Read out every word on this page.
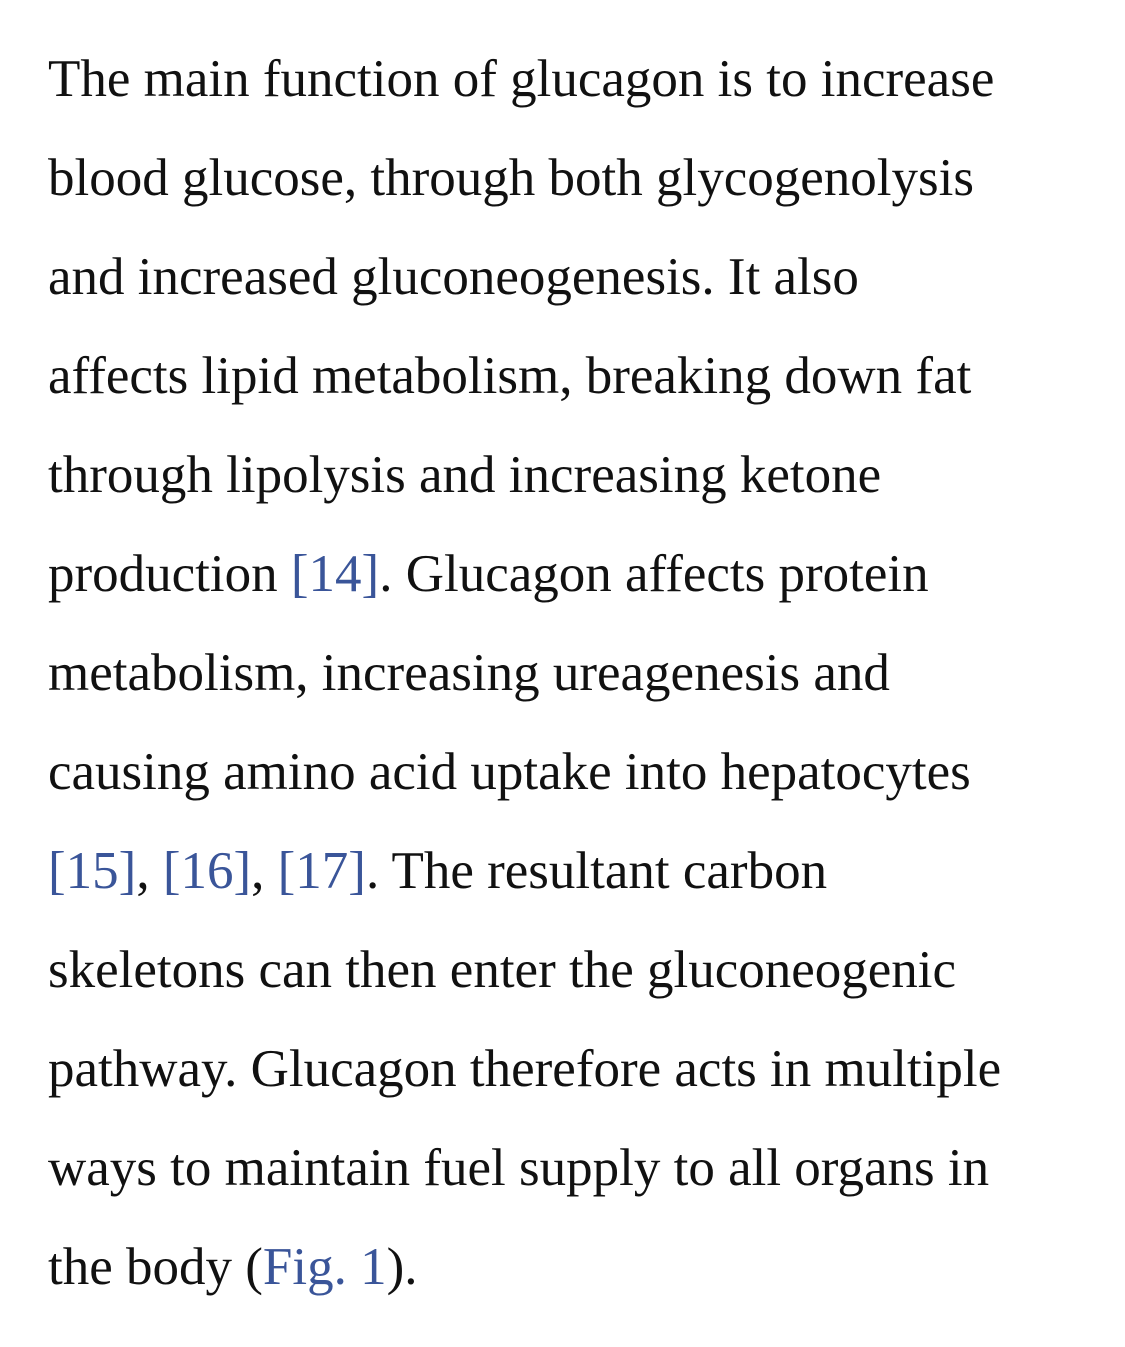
The main function of glucagon is to increase
blood glucose, through both glycogenolysis
and increased gluconeogenesis. It also
affects lipid metabolism, breaking down fat
through lipolysis and increasing ketone
production [14]. Glucagon affects protein
metabolism, increasing ureagenesis and
causing amino acid uptake into hepatocytes
[15], [16], [17]. The resultant carbon
skeletons can then enter the gluconeogenic
pathway. Glucagon therefore acts in multiple
ways to maintain fuel supply to all organs in
the body (Fig. 1).
